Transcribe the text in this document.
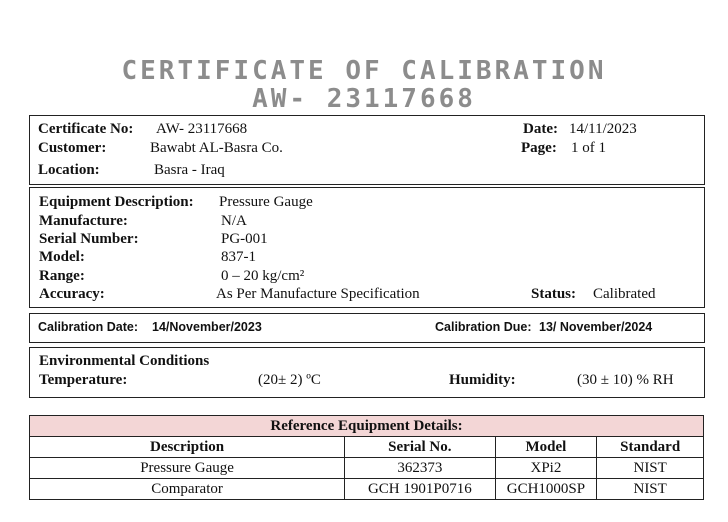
CERTIFICATE OF CALIBRATION
AW- 23117668
Certificate No: AW- 23117668
Customer:	Bawabt AL-Basra Co.
Location:	Basra - Iraq
Date: 14/11/2023
Page: 1 of 1
Equipment Description: Pressure Gauge
Manufacture:	N/A
Serial Number:	PG-001
Model:	837-1
Range:	0 – 20 kg/cm²
Accuracy:	As Per Manufacture Specification	Status: Calibrated
Calibration Date: 14/November/2023	Calibration Due: 13/ November/2024
Environmental Conditions
Temperature:	(20± 2) ºC	Humidity:	(30 ± 10) % RH
Reference Equipment Details:			
Description	Serial No.	Model	Standard
Pressure Gauge	362373	XPi2	NIST
Comparator	GCH 1901P0716	GCH1000SP	NIST
